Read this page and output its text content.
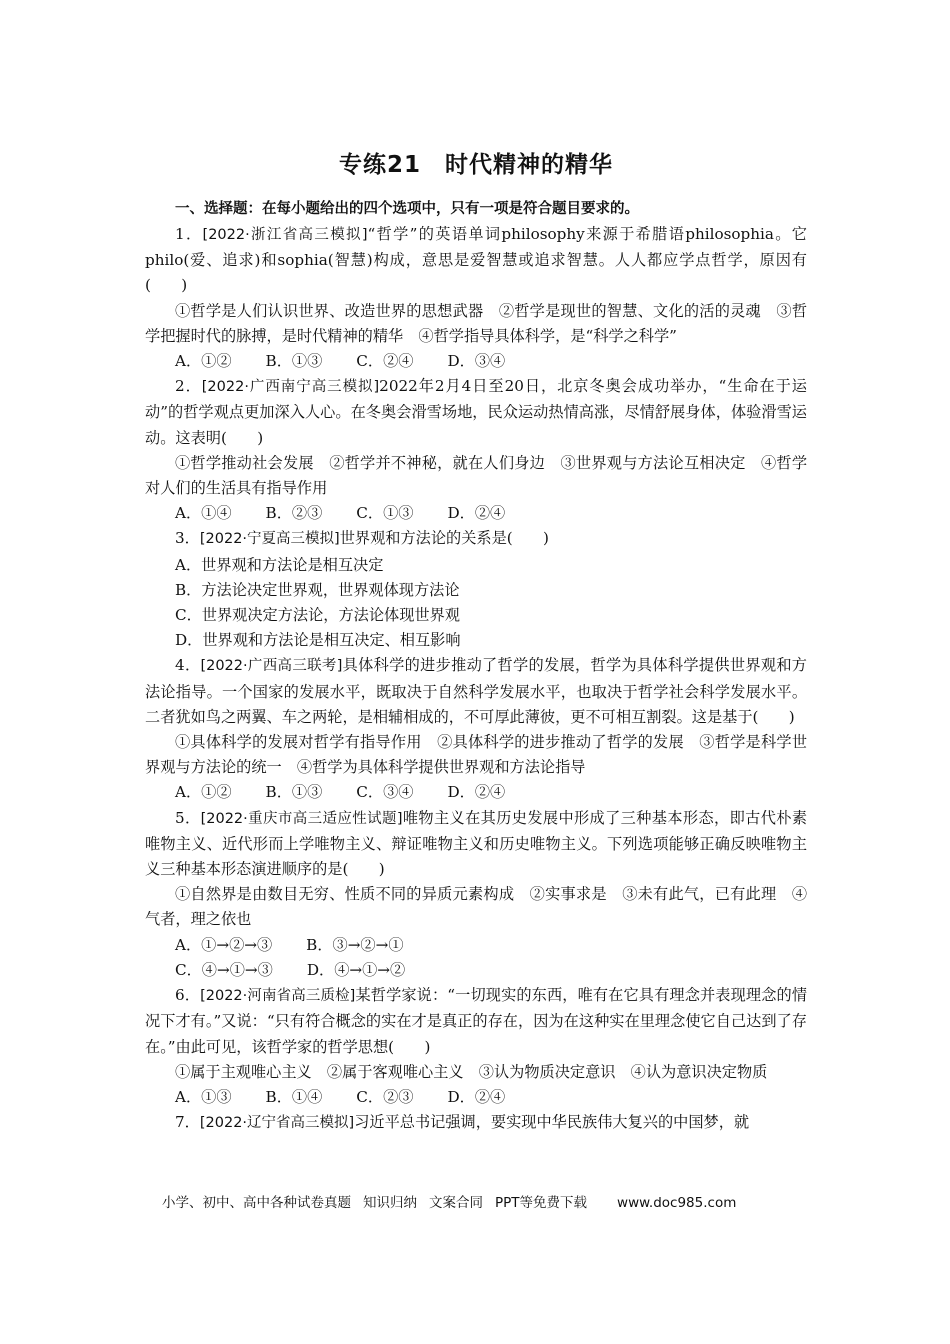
专练21　时代精神的精华
一、选择题：在每小题给出的四个选项中，只有一项是符合题目要求的。

1．[2022·浙江省高三模拟]“哲学”的英语单词philosophy来源于希腊语philosophia。它philo(爱、追求)和sophia(智慧)构成，意思是爱智慧或追求智慧。人人都应学点哲学，原因有(　　)

①哲学是人们认识世界、改造世界的思想武器　②哲学是现世的智慧、文化的活的灵魂　③哲学把握时代的脉搏，是时代精神的精华　④哲学指导具体科学，是“科学之科学”

A．①② B．①③ C．②④ D．③④

2．[2022·广西南宁高三模拟]2022年2月4日至20日，北京冬奥会成功举办，“生命在于运动”的哲学观点更加深入人心。在冬奥会滑雪场地，民众运动热情高涨，尽情舒展身体，体验滑雪运动。这表明(　　)

①哲学推动社会发展　②哲学并不神秘，就在人们身边　③世界观与方法论互相决定　④哲学对人们的生活具有指导作用

A．①④ B．②③ C．①③ D．②④

3．[2022·宁夏高三模拟]世界观和方法论的关系是(　　)

A．世界观和方法论是相互决定

B．方法论决定世界观，世界观体现方法论

C．世界观决定方法论，方法论体现世界观

D．世界观和方法论是相互决定、相互影响

4．[2022·广西高三联考]具体科学的进步推动了哲学的发展，哲学为具体科学提供世界观和方法论指导。一个国家的发展水平，既取决于自然科学发展水平，也取决于哲学社会科学发展水平。二者犹如鸟之两翼、车之两轮，是相辅相成的，不可厚此薄彼，更不可相互割裂。这是基于(　　)

①具体科学的发展对哲学有指导作用　②具体科学的进步推动了哲学的发展　③哲学是科学世界观与方法论的统一　④哲学为具体科学提供世界观和方法论指导

A．①② B．①③ C．③④ D．②④

5．[2022·重庆市高三适应性试题]唯物主义在其历史发展中形成了三种基本形态，即古代朴素唯物主义、近代形而上学唯物主义、辩证唯物主义和历史唯物主义。下列选项能够正确反映唯物主义三种基本形态演进顺序的是(　　)

①自然界是由数目无穷、性质不同的异质元素构成　②实事求是　③未有此气，已有此理　④气者，理之依也

A．①→②→③ B．③→②→①

C．④→①→③ D．④→①→②

6．[2022·河南省高三质检]某哲学家说：“一切现实的东西，唯有在它具有理念并表现理念的情况下才有。”又说：“只有符合概念的实在才是真正的存在，因为在这种实在里理念使它自己达到了存在。”由此可见，该哲学家的哲学思想(　　)

①属于主观唯心主义　②属于客观唯心主义　③认为物质决定意识　④认为意识决定物质

A．①③ B．①④ C．②③ D．②④

7．[2022·辽宁省高三模拟]习近平总书记强调，要实现中华民族伟大复兴的中国梦，就

小学、初中、高中各种试卷真题 知识归纳 文案合同 PPT等免费下载 www.doc985.com
